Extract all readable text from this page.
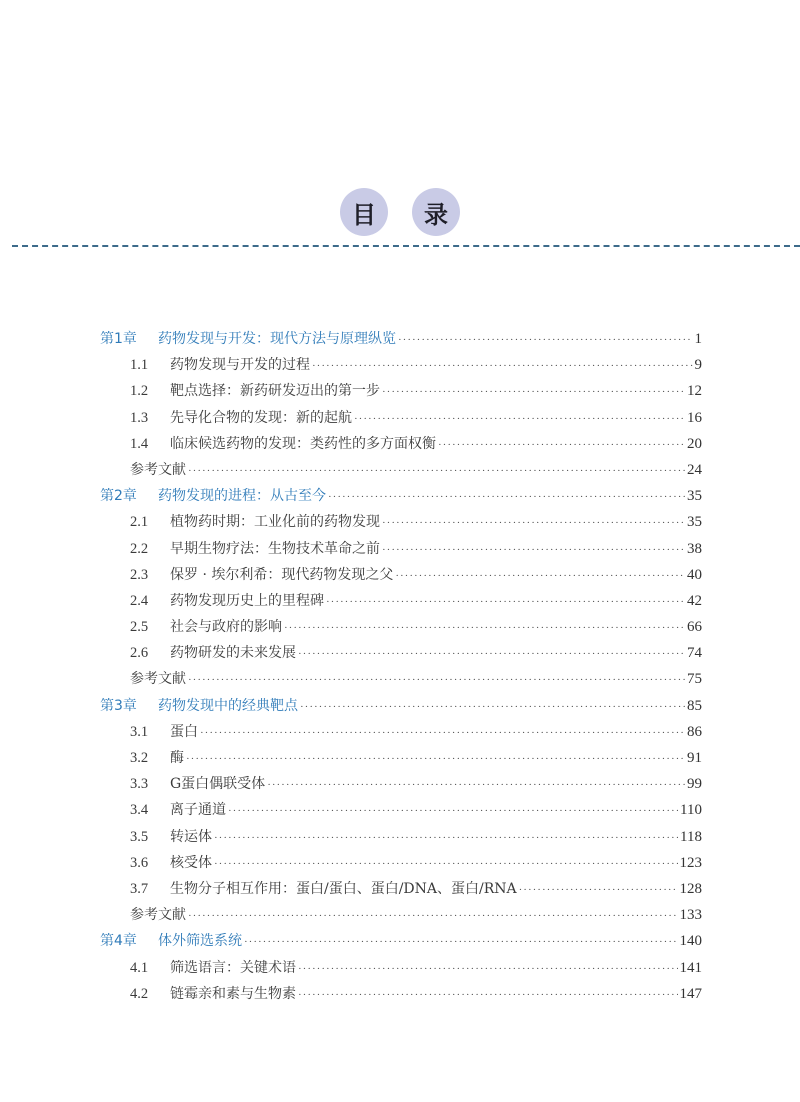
目	录
第1章	药物发现与开发：现代方法与原理纵览 ·····	1
1.1	药物发现与开发的过程 ·····	9
1.2	靶点选择：新药研发迈出的第一步 ·····	12
1.3	先导化合物的发现：新的起航 ·····	16
1.4	临床候选药物的发现：类药性的多方面权衡 ·····	20
参考文献 ·····	24
第2章	药物发现的进程：从古至今 ·····	35
2.1	植物药时期：工业化前的药物发现 ·····	35
2.2	早期生物疗法：生物技术革命之前 ·····	38
2.3	保罗 · 埃尔利希：现代药物发现之父 ·····	40
2.4	药物发现历史上的里程碑 ·····	42
2.5	社会与政府的影响 ·····	66
2.6	药物研发的未来发展 ·····	74
参考文献 ·····	75
第3章	药物发现中的经典靶点 ·····	85
3.1	蛋白 ·····	86
3.2	酶 ·····	91
3.3	G蛋白偶联受体 ·····	99
3.4	离子通道 ·····	110
3.5	转运体 ·····	118
3.6	核受体 ·····	123
3.7	生物分子相互作用：蛋白/蛋白、蛋白/DNA、蛋白/RNA ·····	128
参考文献 ·····	133
第4章	体外筛选系统 ·····	140
4.1	筛选语言：关键术语 ·····	141
4.2	链霉亲和素与生物素 ·····	147
